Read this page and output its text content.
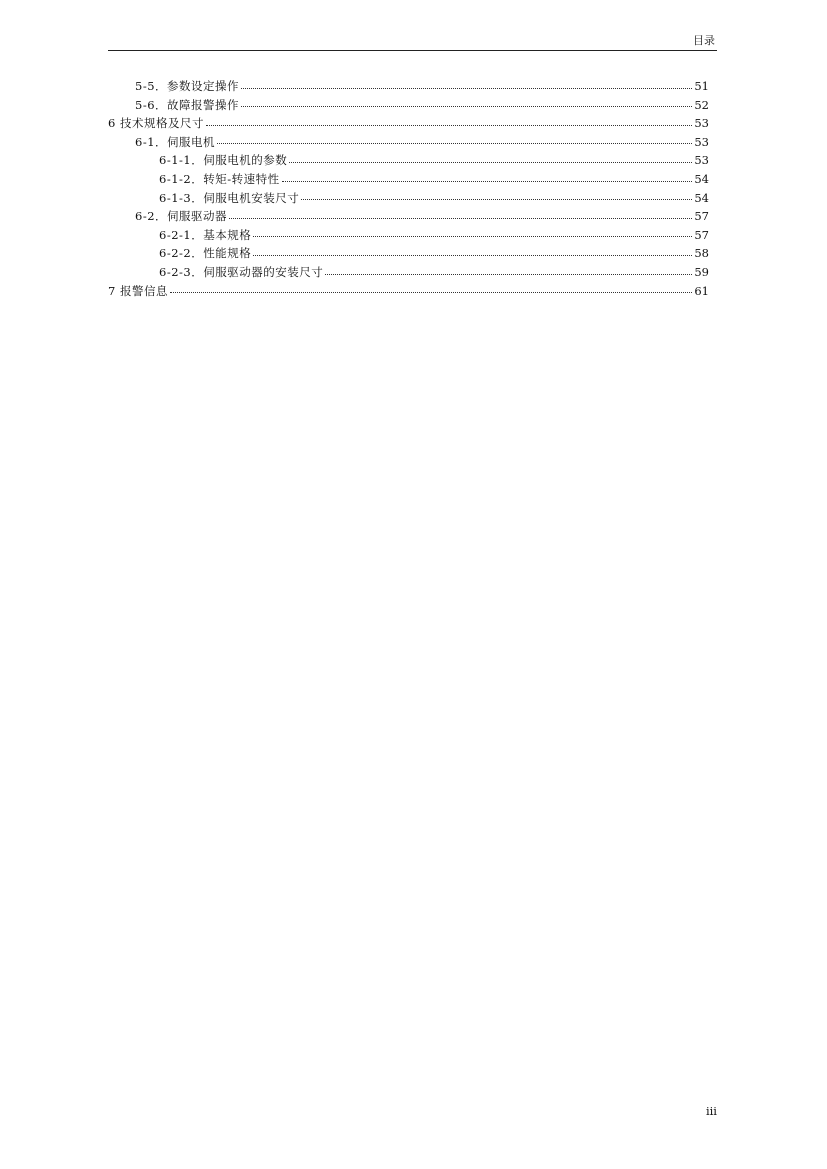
目录
5-5．参数设定操作	51
5-6．故障报警操作	52
6 技术规格及尺寸	53
6-1．伺服电机	53
6-1-1．伺服电机的参数	53
6-1-2．转矩-转速特性	54
6-1-3．伺服电机安装尺寸	54
6-2．伺服驱动器	57
6-2-1．基本规格	57
6-2-2．性能规格	58
6-2-3．伺服驱动器的安装尺寸	59
7 报警信息	61
iii
